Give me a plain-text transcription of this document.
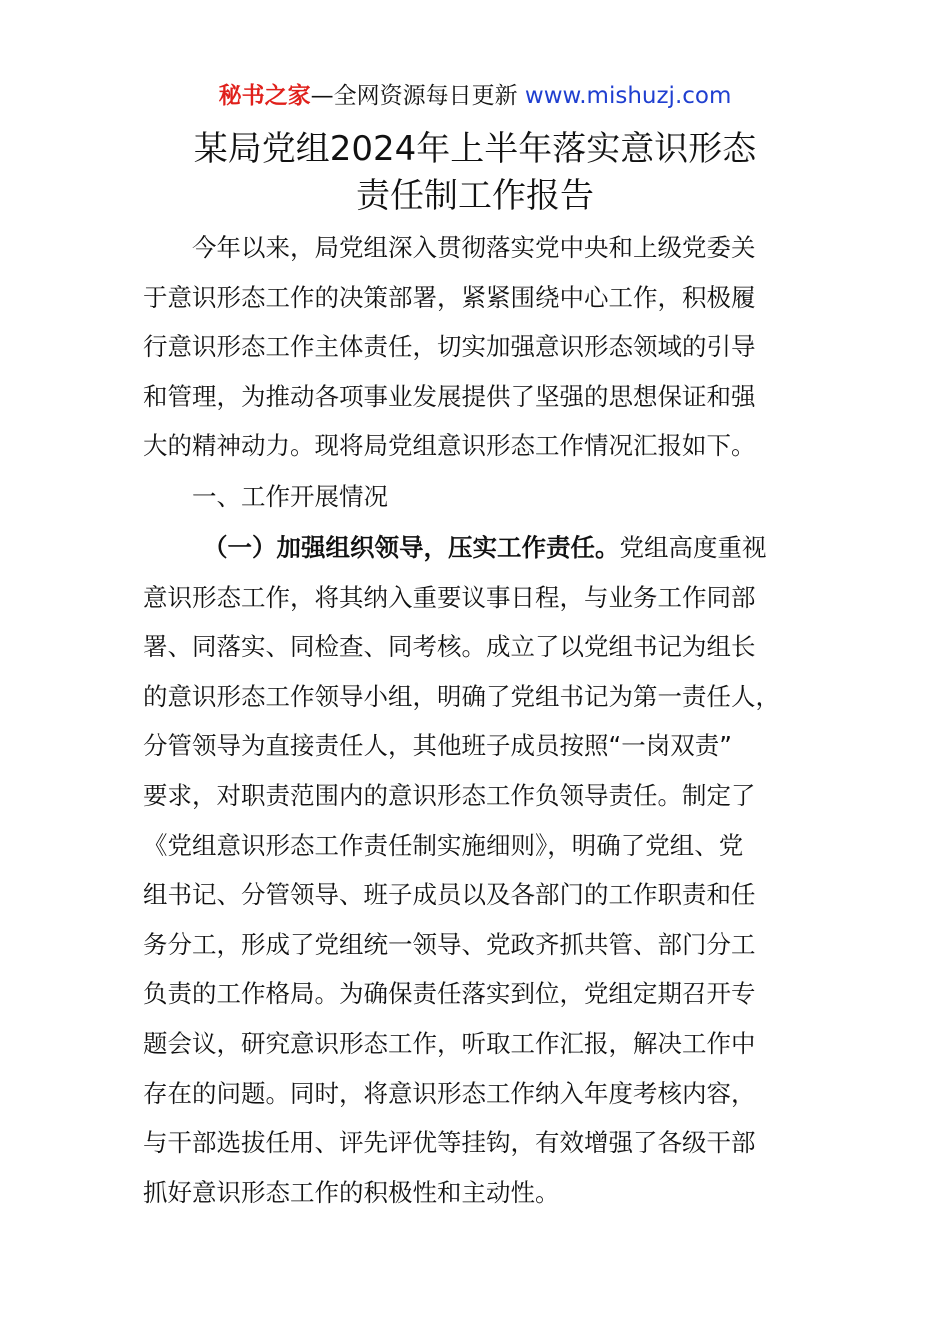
秘书之家—全网资源每日更新 www.mishuzj.com
某局党组2024年上半年落实意识形态
责任制工作报告
今年以来，局党组深入贯彻落实党中央和上级党委关
于意识形态工作的决策部署，紧紧围绕中心工作，积极履
行意识形态工作主体责任，切实加强意识形态领域的引导
和管理，为推动各项事业发展提供了坚强的思想保证和强
大的精神动力。现将局党组意识形态工作情况汇报如下。
一、工作开展情况
（一）加强组织领导，压实工作责任。党组高度重视
意识形态工作，将其纳入重要议事日程，与业务工作同部
署、同落实、同检查、同考核。成立了以党组书记为组长
的意识形态工作领导小组，明确了党组书记为第一责任人，
分管领导为直接责任人，其他班子成员按照“一岗双责”
要求，对职责范围内的意识形态工作负领导责任。制定了
《党组意识形态工作责任制实施细则》，明确了党组、党
组书记、分管领导、班子成员以及各部门的工作职责和任
务分工，形成了党组统一领导、党政齐抓共管、部门分工
负责的工作格局。为确保责任落实到位，党组定期召开专
题会议，研究意识形态工作，听取工作汇报，解决工作中
存在的问题。同时，将意识形态工作纳入年度考核内容，
与干部选拔任用、评先评优等挂钩，有效增强了各级干部
抓好意识形态工作的积极性和主动性。
